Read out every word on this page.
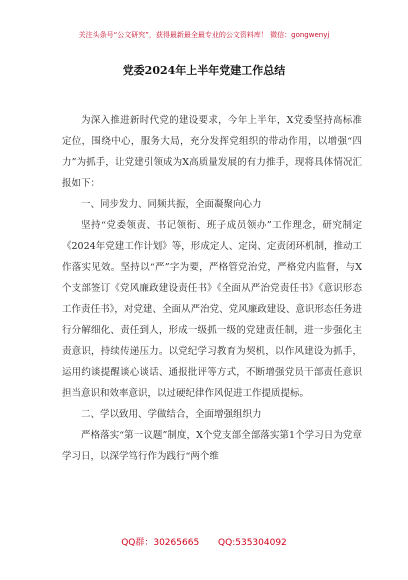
关注头条号“公文研究”，获得最新最全最专业的公文资料库！ 微信：gongwenyj
党委2024年上半年党建工作总结

为深入推进新时代党的建设要求，今年上半年，X党委坚持高标准定位，围绕中心，服务大局，充分发挥党组织的带动作用，以增强“四力”为抓手，让党建引领成为X高质量发展的有力推手，现将具体情况汇报如下：

一、同步发力、同频共振，全面凝聚向心力

坚持“党委领责、书记领衔、班子成员领办”工作理念，研究制定《2024年党建工作计划》等，形成定人、定岗、定责闭环机制，推动工作落实见效。坚持以“严”字为要，严格管党治党，严格党内监督，与X个支部签订《党风廉政建设责任书》《全面从严治党责任书》《意识形态工作责任书》，对党建、全面从严治党、党风廉政建设、意识形态任务进行分解细化、责任到人，形成一级抓一级的党建责任制，进一步强化主责意识，持续传递压力。以党纪学习教育为契机，以作风建设为抓手，运用约谈提醒谈心谈话、通报批评等方式，不断增强党员干部责任意识担当意识和效率意识，以过硬纪律作风促进工作提质提标。

二、学以致用、学做结合，全面增强组织力

严格落实“第一议题”制度，X个党支部全部落实第1个学习日为党章学习日，以深学笃行作为践行“两个维

QQ群：30265665 QQ:535304092
